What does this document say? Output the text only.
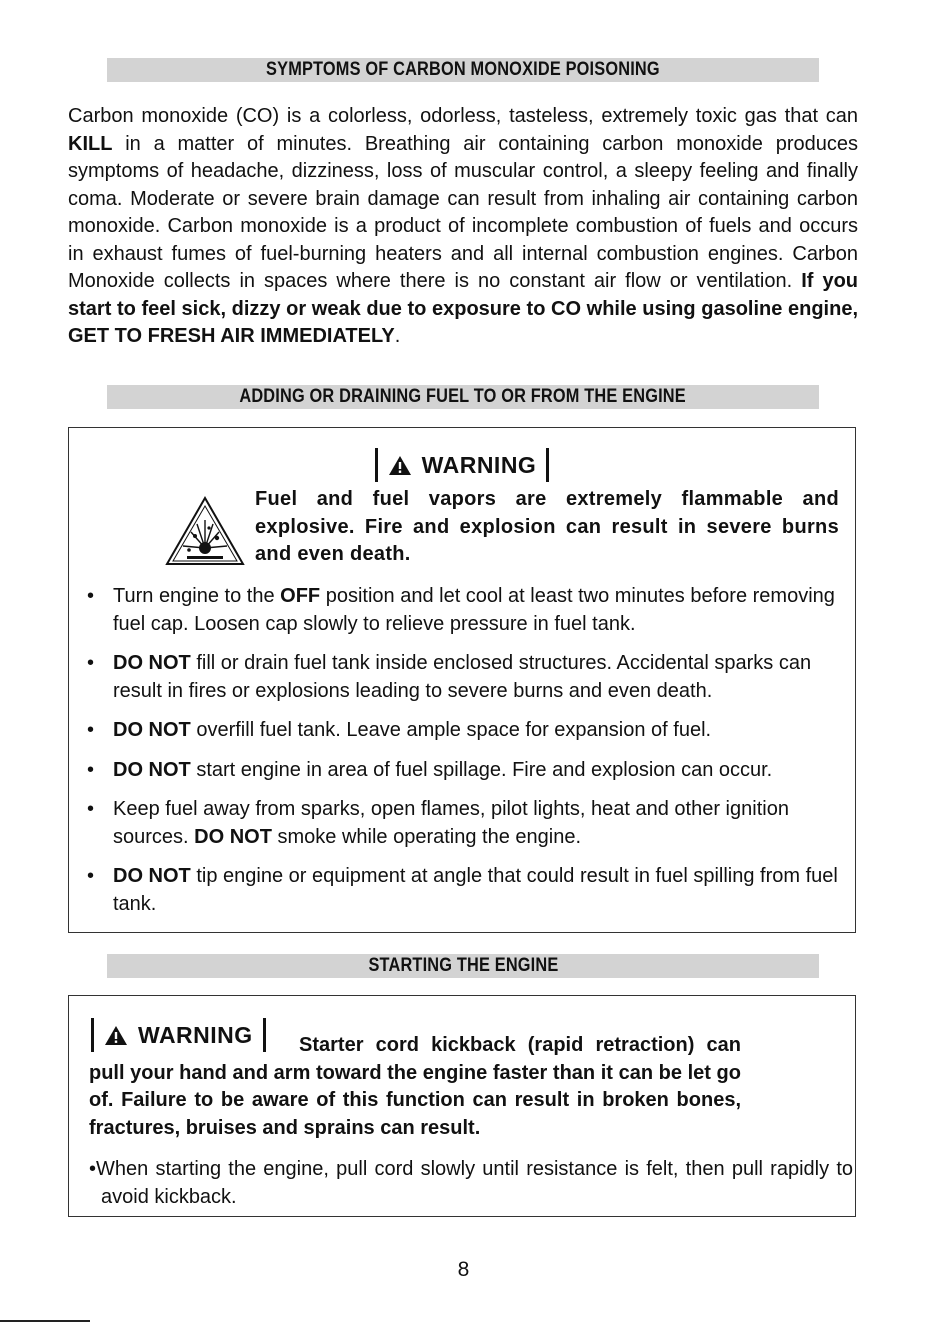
SYMPTOMS OF CARBON MONOXIDE POISONING
Carbon monoxide (CO) is a colorless, odorless, tasteless, extremely toxic gas that can KILL in a matter of minutes. Breathing air containing carbon monoxide produces symptoms of headache, dizziness, loss of muscular control, a sleepy feeling and finally coma. Moderate or severe brain damage can result from inhaling air containing carbon monoxide. Carbon monoxide is a product of incomplete combustion of fuels and occurs in exhaust fumes of fuel-burning heaters and all internal combustion engines. Carbon Monoxide collects in spaces where there is no constant air flow or ventilation. If you start to feel sick, dizzy or weak due to exposure to CO while using gasoline engine, GET TO FRESH AIR IMMEDIATELY.
ADDING OR DRAINING FUEL TO OR FROM THE ENGINE
WARNING
Fuel and fuel vapors are extremely flammable and explosive. Fire and explosion can result in severe burns and even death.
• Turn engine to the OFF position and let cool at least two minutes before removing fuel cap. Loosen cap slowly to relieve pressure in fuel tank.
• DO NOT fill or drain fuel tank inside enclosed structures. Accidental sparks can result in fires or explosions leading to severe burns and even death.
• DO NOT overfill fuel tank. Leave ample space for expansion of fuel.
• DO NOT start engine in area of fuel spillage. Fire and explosion can occur.
• Keep fuel away from sparks, open flames, pilot lights, heat and other ignition sources. DO NOT smoke while operating the engine.
• DO NOT tip engine or equipment at angle that could result in fuel spilling from fuel tank.
STARTING THE ENGINE
WARNING	Starter cord kickback (rapid retraction) can pull your hand and arm toward the engine faster than it can be let go of. Failure to be aware of this function can result in broken bones, fractures, bruises and sprains can result.
•When starting the engine, pull cord slowly until resistance is felt, then pull rapidly to avoid kickback.
8
